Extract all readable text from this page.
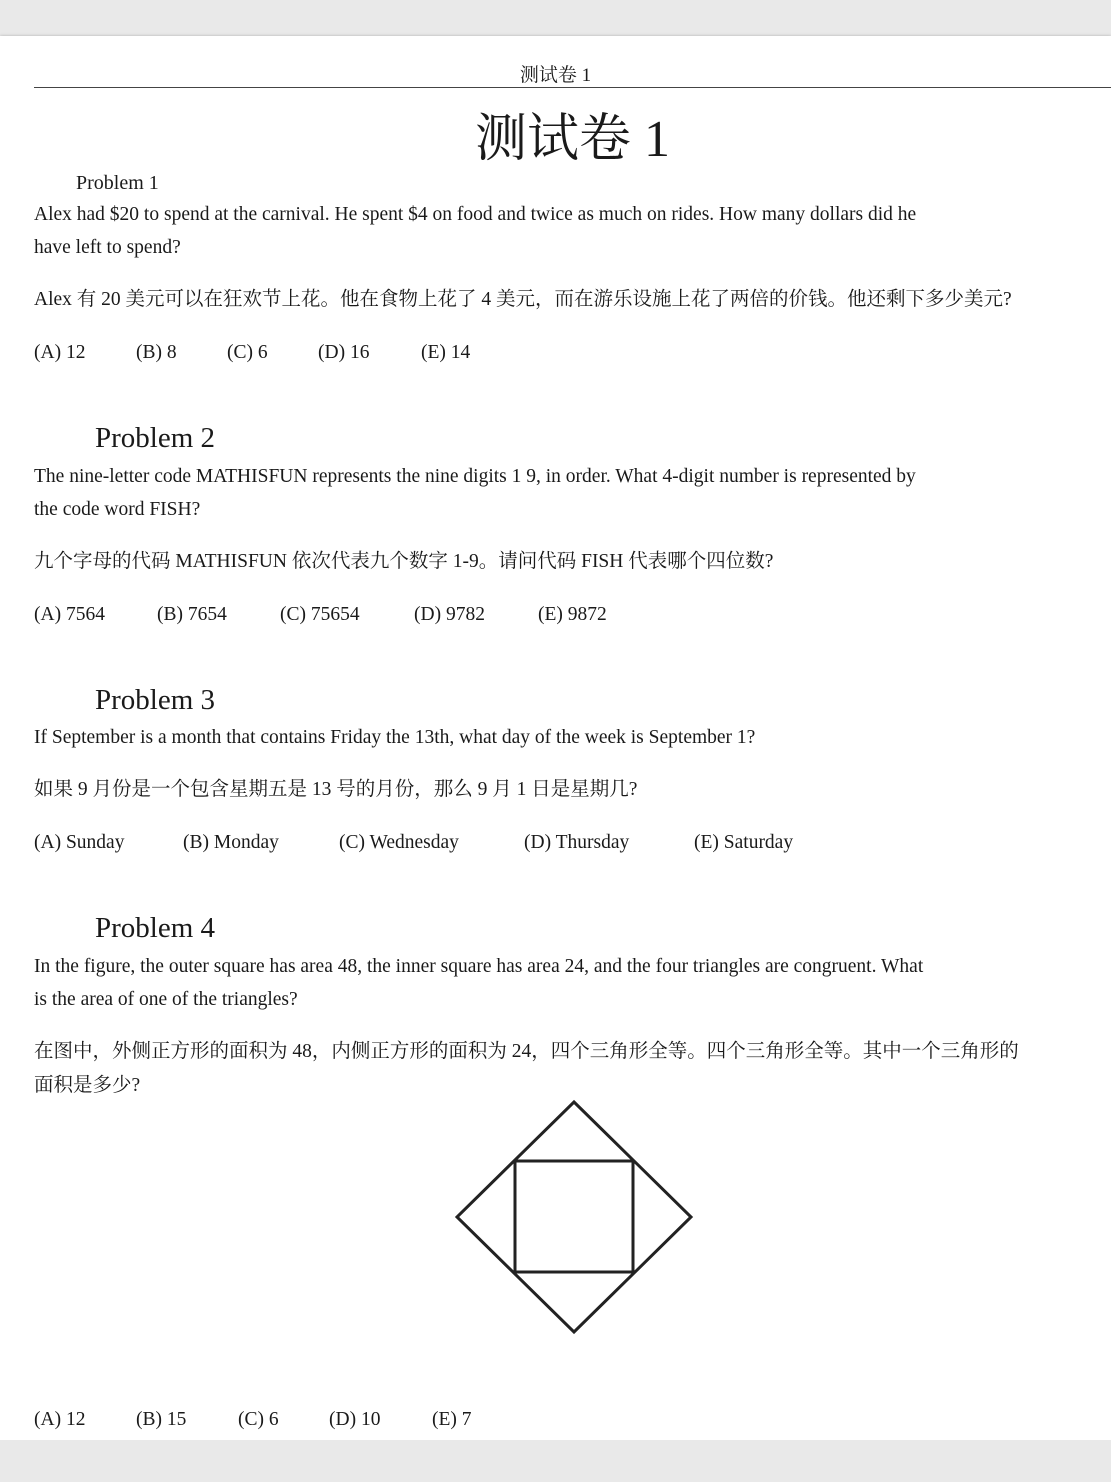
测试卷 1
测试卷 1
Problem 1
Alex had $20 to spend at the carnival. He spent $4 on food and twice as much on rides. How many dollars did he
have left to spend?
Alex 有 20 美元可以在狂欢节上花。他在食物上花了 4 美元，而在游乐设施上花了两倍的价钱。他还剩下多少美元?
(A) 12	(B) 8	(C) 6	(D) 16	(E) 14
Problem 2
The nine-letter code MATHISFUN represents the nine digits 1 9, in order. What 4-digit number is represented by
the code word FISH?
九个字母的代码 MATHISFUN 依次代表九个数字 1-9。请问代码 FISH 代表哪个四位数?
(A) 7564	(B) 7654	(C) 75654	(D) 9782	(E) 9872
Problem 3
If September is a month that contains Friday the 13th, what day of the week is September 1?
如果 9 月份是一个包含星期五是 13 号的月份，那么 9 月 1 日是星期几?
(A) Sunday	(B) Monday	(C) Wednesday	(D) Thursday	(E) Saturday
Problem 4
In the figure, the outer square has area 48, the inner square has area 24, and the four triangles are congruent. What
is the area of one of the triangles?
在图中，外侧正方形的面积为 48，内侧正方形的面积为 24，四个三角形全等。四个三角形全等。其中一个三角形的
面积是多少?
(A) 12	(B) 15	(C) 6	(D) 10	(E) 7
